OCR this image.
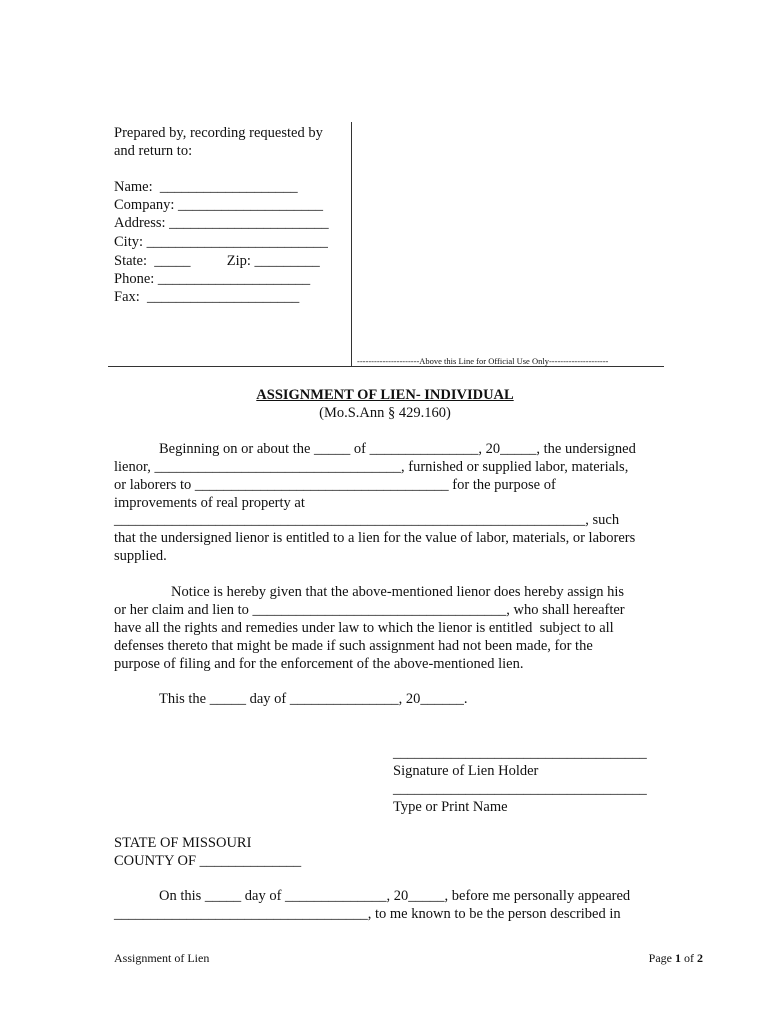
Prepared by, recording requested by
and return to:
Name:  ___________________
Company: ____________________
Address: ______________________
City: _________________________
State:  _____          Zip: _________
Phone: _____________________
Fax:  _____________________
----------------------Above this Line for Official Use Only---------------------
ASSIGNMENT OF LIEN- INDIVIDUAL
(Mo.S.Ann § 429.160)
Beginning on or about the _____ of _______________, 20_____, the undersigned
lienor, __________________________________, furnished or supplied labor, materials,
or laborers to ___________________________________ for the purpose of
improvements of real property at
_________________________________________________________________, such
that the undersigned lienor is entitled to a lien for the value of labor, materials, or laborers
supplied.
Notice is hereby given that the above-mentioned lienor does hereby assign his
or her claim and lien to ___________________________________, who shall hereafter
have all the rights and remedies under law to which the lienor is entitled  subject to all
defenses thereto that might be made if such assignment had not been made, for the
purpose of filing and for the enforcement of the above-mentioned lien.
This the _____ day of _______________, 20______.
___________________________________
Signature of Lien Holder
___________________________________
Type or Print Name
STATE OF MISSOURI
COUNTY OF ______________
On this _____ day of ______________, 20_____, before me personally appeared
___________________________________, to me known to be the person described in
Assignment of Lien	Page 1 of 2
